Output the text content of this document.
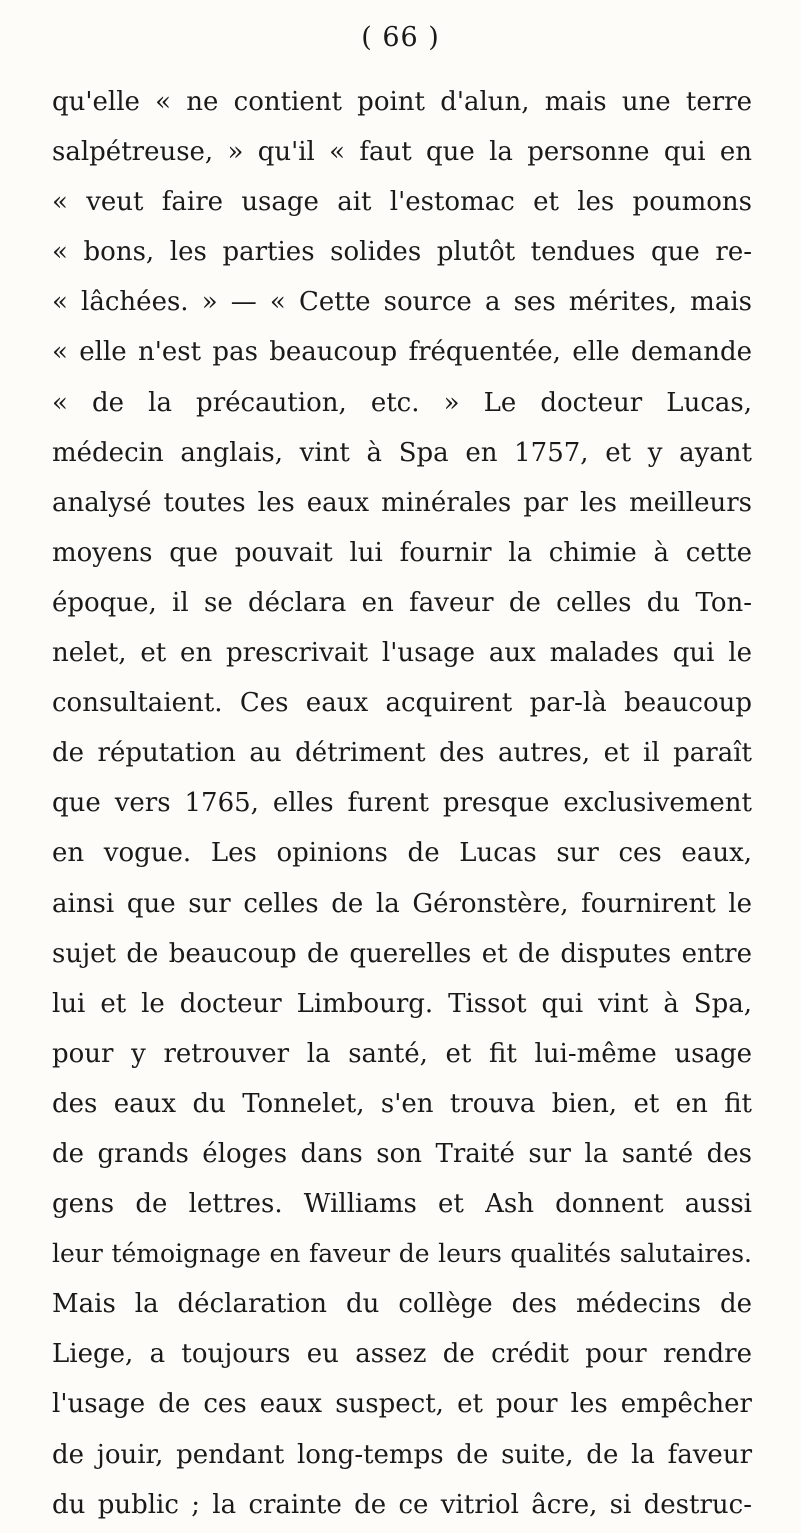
( 66 )
qu'elle « ne contient point d'alun, mais une terre
salpétreuse, » qu'il « faut que la personne qui en
« veut faire usage ait l'estomac et les poumons
« bons, les parties solides plutôt tendues que re-
« lâchées. » — « Cette source a ses mérites, mais
« elle n'est pas beaucoup fréquentée, elle demande
« de la précaution, etc. » Le docteur Lucas,
médecin anglais, vint à Spa en 1757, et y ayant
analysé toutes les eaux minérales par les meilleurs
moyens que pouvait lui fournir la chimie à cette
époque, il se déclara en faveur de celles du Ton-
nelet, et en prescrivait l'usage aux malades qui le
consultaient. Ces eaux acquirent par-là beaucoup
de réputation au détriment des autres, et il paraît
que vers 1765, elles furent presque exclusivement
en vogue. Les opinions de Lucas sur ces eaux,
ainsi que sur celles de la Géronstère, fournirent le
sujet de beaucoup de querelles et de disputes entre
lui et le docteur Limbourg. Tissot qui vint à Spa,
pour y retrouver la santé, et fit lui-même usage
des eaux du Tonnelet, s'en trouva bien, et en fit
de grands éloges dans son Traité sur la santé des
gens de lettres. Williams et Ash donnent aussi
leur témoignage en faveur de leurs qualités salutaires.
Mais la déclaration du collège des médecins de
Liege, a toujours eu assez de crédit pour rendre
l'usage de ces eaux suspect, et pour les empêcher
de jouir, pendant long-temps de suite, de la faveur
du public ; la crainte de ce vitriol âcre, si destruc-
